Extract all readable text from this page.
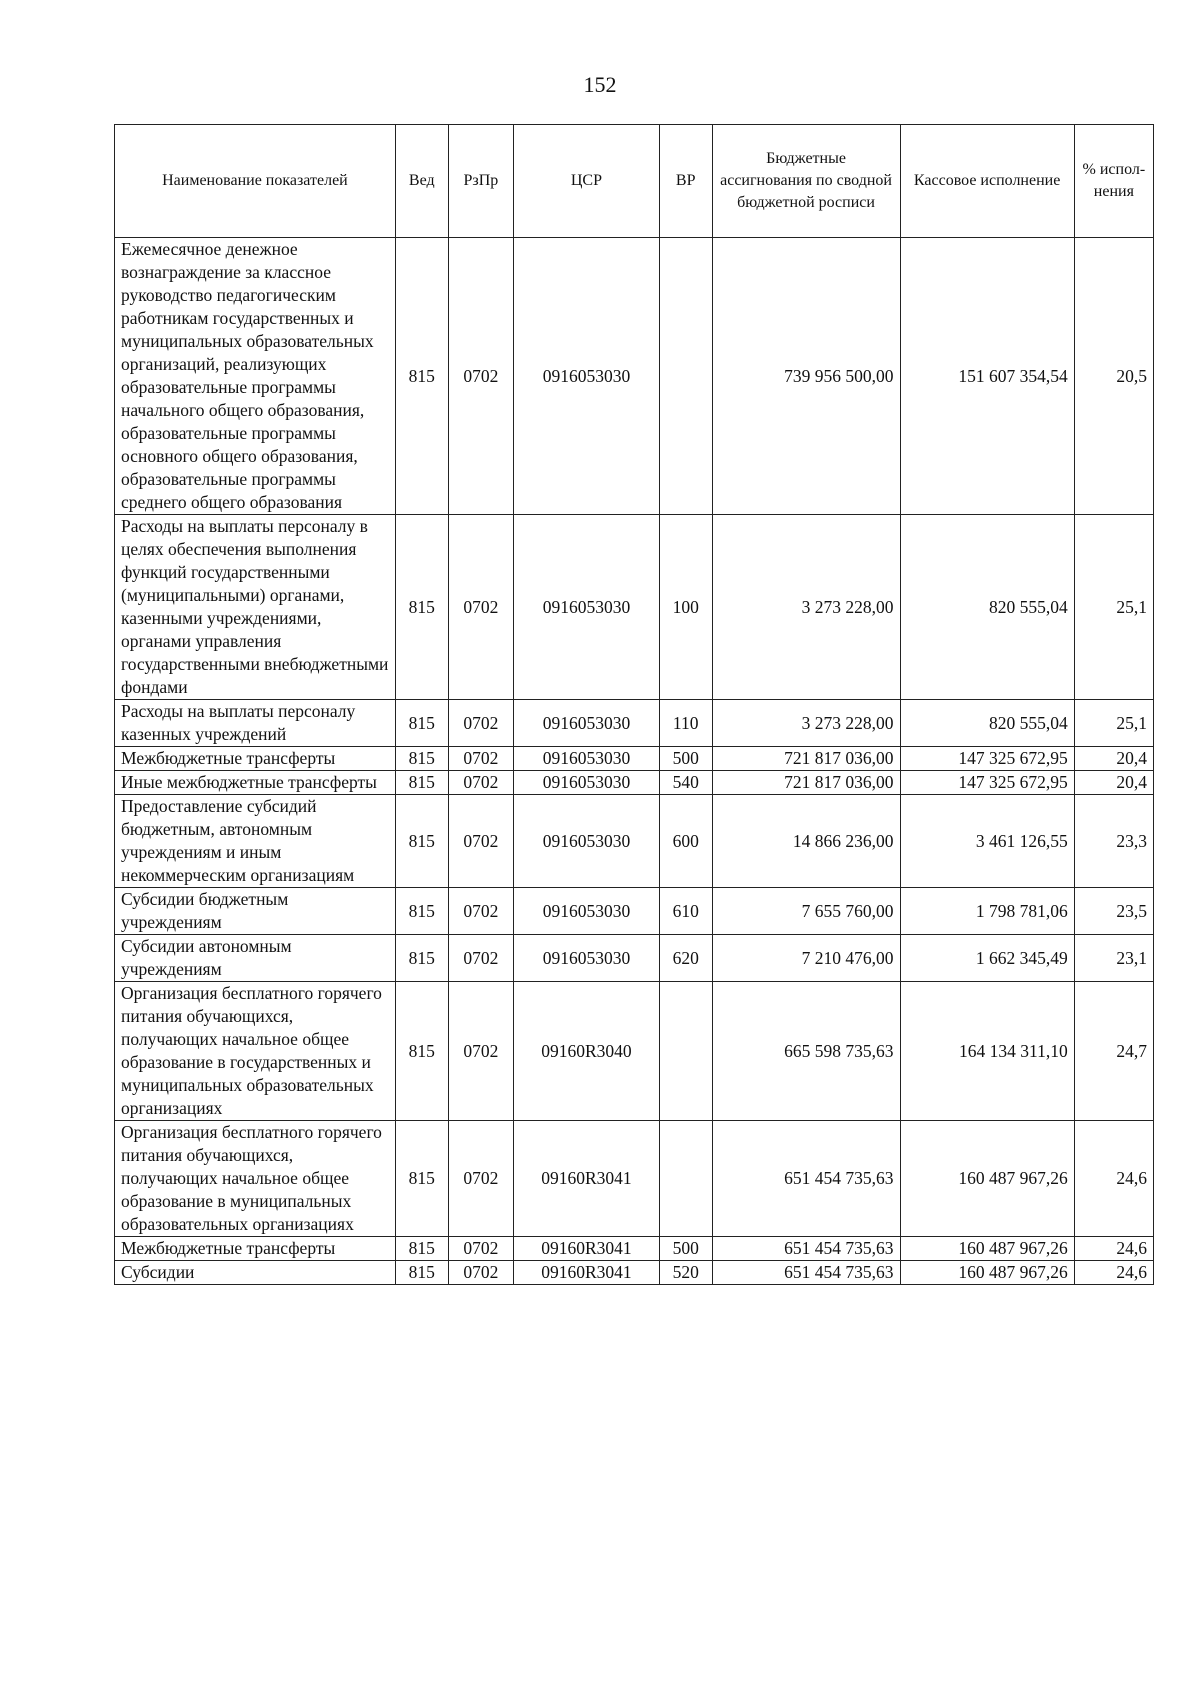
152
Наименование показателей	Вед	РзПр	ЦСР	ВР	Бюджетные ассигнования по сводной бюджетной росписи	Кассовое исполнение	% испол-нения
Ежемесячное денежное вознаграждение за классное руководство педагогическим работникам государственных и муниципальных образовательных организаций, реализующих образовательные программы начального общего образования, образовательные программы основного общего образования, образовательные программы среднего общего образования	815	0702	0916053030		739 956 500,00	151 607 354,54	20,5
Расходы на выплаты персоналу в целях обеспечения выполнения функций государственными (муниципальными) органами, казенными учреждениями, органами управления государственными внебюджетными фондами	815	0702	0916053030	100	3 273 228,00	820 555,04	25,1
Расходы на выплаты персоналу казенных учреждений	815	0702	0916053030	110	3 273 228,00	820 555,04	25,1
Межбюджетные трансферты	815	0702	0916053030	500	721 817 036,00	147 325 672,95	20,4
Иные межбюджетные трансферты	815	0702	0916053030	540	721 817 036,00	147 325 672,95	20,4
Предоставление субсидий бюджетным, автономным учреждениям и иным некоммерческим организациям	815	0702	0916053030	600	14 866 236,00	3 461 126,55	23,3
Субсидии бюджетным учреждениям	815	0702	0916053030	610	7 655 760,00	1 798 781,06	23,5
Субсидии автономным учреждениям	815	0702	0916053030	620	7 210 476,00	1 662 345,49	23,1
Организация бесплатного горячего питания обучающихся, получающих начальное общее образование в государственных и муниципальных образовательных организациях	815	0702	09160R3040		665 598 735,63	164 134 311,10	24,7
Организация бесплатного горячего питания обучающихся, получающих начальное общее образование в муниципальных образовательных организациях	815	0702	09160R3041		651 454 735,63	160 487 967,26	24,6
Межбюджетные трансферты	815	0702	09160R3041	500	651 454 735,63	160 487 967,26	24,6
Субсидии	815	0702	09160R3041	520	651 454 735,63	160 487 967,26	24,6
